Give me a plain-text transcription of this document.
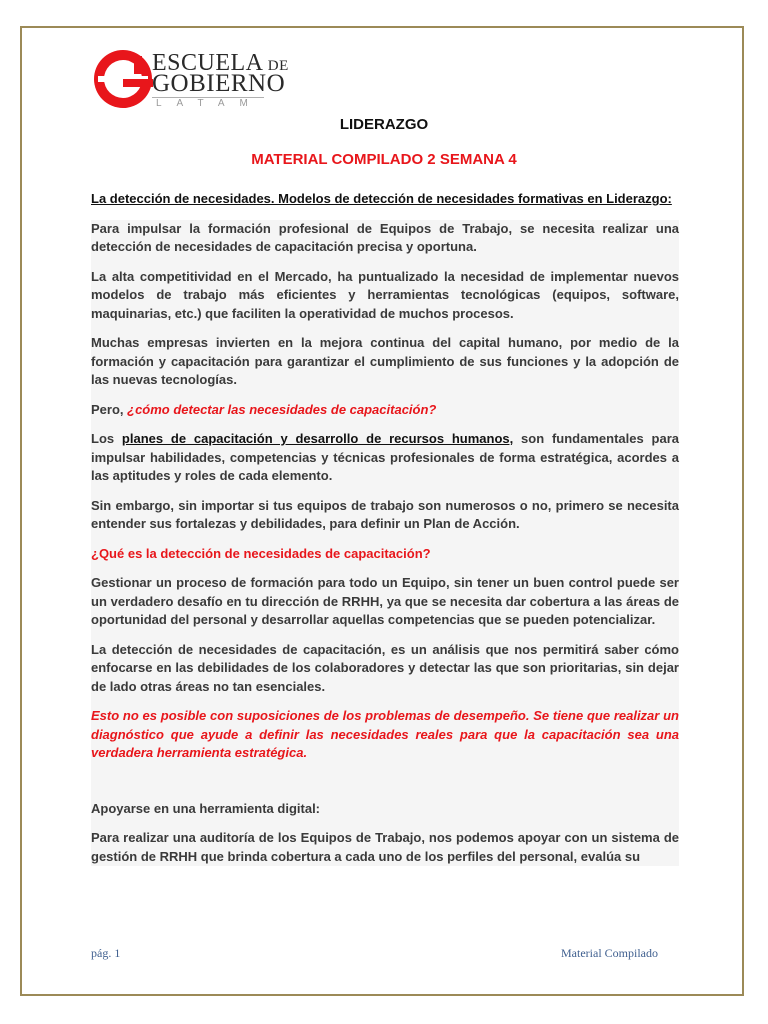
ESCUELA DE
GOBIERNO
LATAM
LIDERAZGO
MATERIAL COMPILADO 2 SEMANA 4

La detección de necesidades. Modelos de detección de necesidades formativas en Liderazgo:

Para impulsar la formación profesional de Equipos de Trabajo, se necesita realizar una detección de necesidades de capacitación precisa y oportuna.

La alta competitividad en el Mercado, ha puntualizado la necesidad de implementar nuevos modelos de trabajo más eficientes y herramientas tecnológicas (equipos, software, maquinarias, etc.) que faciliten la operatividad de muchos procesos.

Muchas empresas invierten en la mejora continua del capital humano, por medio de la formación y capacitación para garantizar el cumplimiento de sus funciones y la adopción de las nuevas tecnologías.

Pero, ¿cómo detectar las necesidades de capacitación?

Los planes de capacitación y desarrollo de recursos humanos, son fundamentales para impulsar habilidades, competencias y técnicas profesionales de forma estratégica, acordes a las aptitudes y roles de cada elemento.

Sin embargo, sin importar si tus equipos de trabajo son numerosos o no, primero se necesita entender sus fortalezas y debilidades, para definir un Plan de Acción.

¿Qué es la detección de necesidades de capacitación?

Gestionar un proceso de formación para todo un Equipo, sin tener un buen control puede ser un verdadero desafío en tu dirección de RRHH, ya que se necesita dar cobertura a las áreas de oportunidad del personal y desarrollar aquellas competencias que se pueden potencializar.

La detección de necesidades de capacitación, es un análisis que nos permitirá saber cómo enfocarse en las debilidades de los colaboradores y detectar las que son prioritarias, sin dejar de lado otras áreas no tan esenciales.

Esto no es posible con suposiciones de los problemas de desempeño. Se tiene que realizar un diagnóstico que ayude a definir las necesidades reales para que la capacitación sea una verdadera herramienta estratégica.

Apoyarse en una herramienta digital:

Para realizar una auditoría de los Equipos de Trabajo, nos podemos apoyar con un sistema de gestión de RRHH que brinda cobertura a cada uno de los perfiles del personal, evalúa su

pág. 1	Material Compilado
